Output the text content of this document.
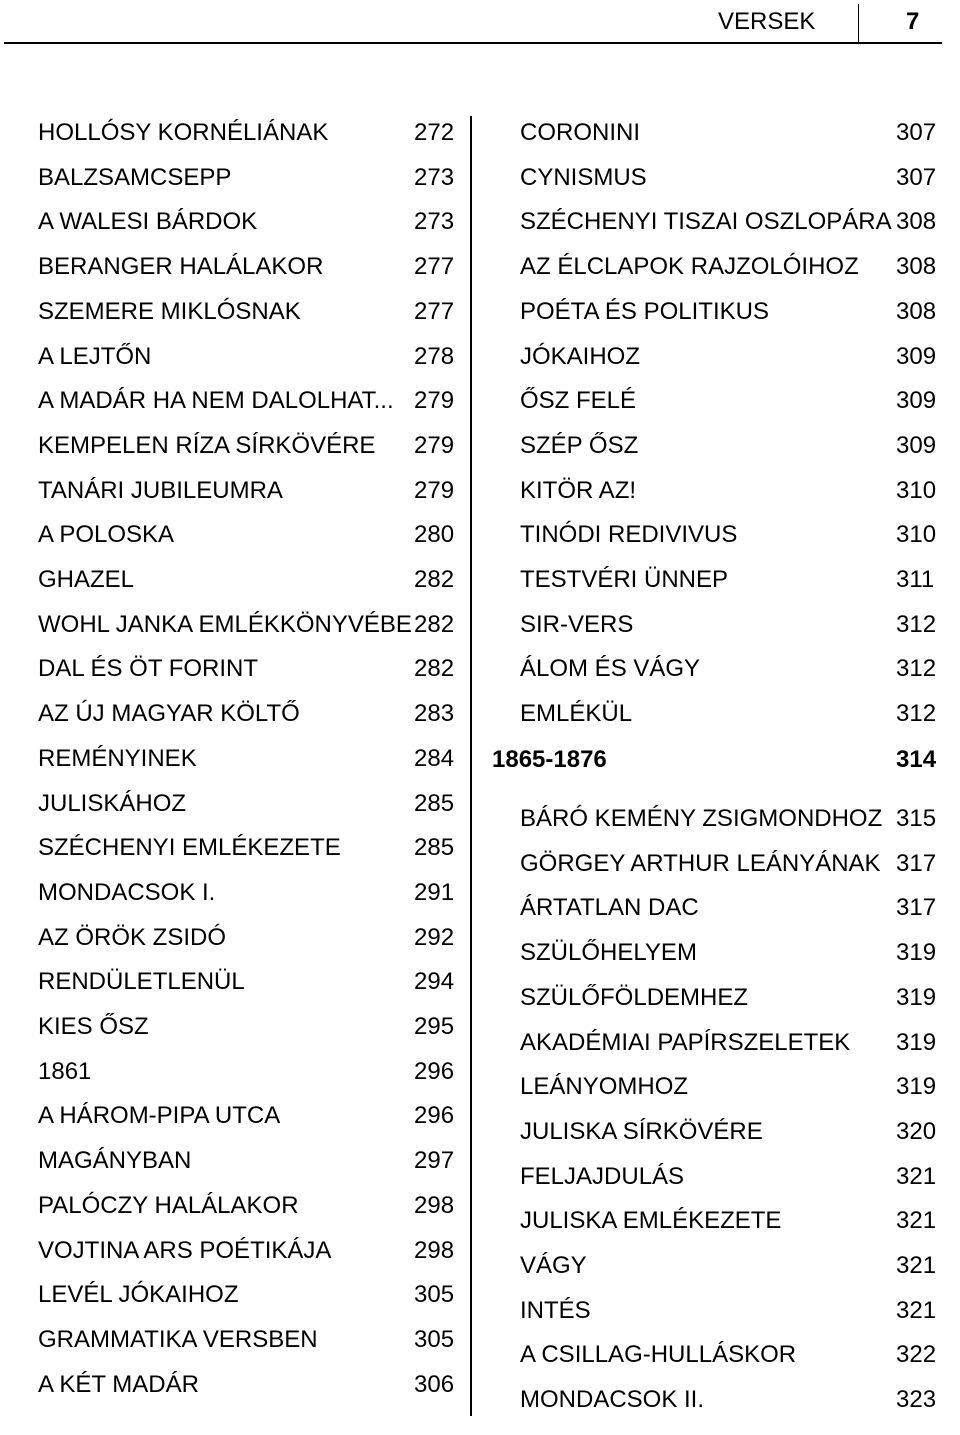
VERSEK	7
HOLLÓSY KORNÉLIÁNAK	272
BALZSAMCSEPP	273
A WALESI BÁRDOK	273
BERANGER HALÁLAKOR	277
SZEMERE MIKLÓSNAK	277
A LEJTŐN	278
A MADÁR HA NEM DALOLHAT... 279
KEMPELEN RÍZA SÍRKÖVÉRE 279
TANÁRI JUBILEUMRA	279
A POLOSKA	280
GHAZEL	282
WOHL JANKA EMLÉKKÖNYVÉBE 282
DAL ÉS ÖT FORINT	282
AZ ÚJ MAGYAR KÖLTŐ	283
REMÉNYINEK	284
JULISKÁHOZ	285
SZÉCHENYI EMLÉKEZETE	285
MONDACSOK I.	291
AZ ÖRÖK ZSIDÓ	292
RENDÜLETLENÜL	294
KIES ŐSZ	295
1861	296
A HÁROM-PIPA UTCA	296
MAGÁNYBAN	297
PALÓCZY HALÁLAKOR	298
VOJTINA ARS POÉTIKÁJA	298
LEVÉL JÓKAIHOZ	305
GRAMMATIKA VERSBEN	305
A KÉT MADÁR	306
CORONINI	307
CYNISMUS	307
SZÉCHENYI TISZAI OSZLOPÁRA 308
AZ ÉLCLAPOK RAJZOLÓIHOZ 308
POÉTA ÉS POLITIKUS	308
JÓKAIHOZ	309
ŐSZ FELÉ	309
SZÉP ŐSZ	309
KITÖR AZ!	310
TINÓDI REDIVIVUS	310
TESTVÉRI ÜNNEP	311
SIR-VERS	312
ÁLOM ÉS VÁGY	312
EMLÉKÜL	312
1865-1876	314
BÁRÓ KEMÉNY ZSIGMONDHOZ 315
GÖRGEY ARTHUR LEÁNYÁNAK 317
ÁRTATLAN DAC	317
SZÜLŐHELYEM	319
SZÜLŐFÖLDEMHEZ	319
AKADÉMIAI PAPÍRSZELETEK 319
LEÁNYOMHOZ	319
JULISKA SÍRKÖVÉRE	320
FELJAJDULÁS	321
JULISKA EMLÉKEZETE	321
VÁGY	321
INTÉS	321
A CSILLAG-HULLÁSKOR	322
MONDACSOK II.	323
